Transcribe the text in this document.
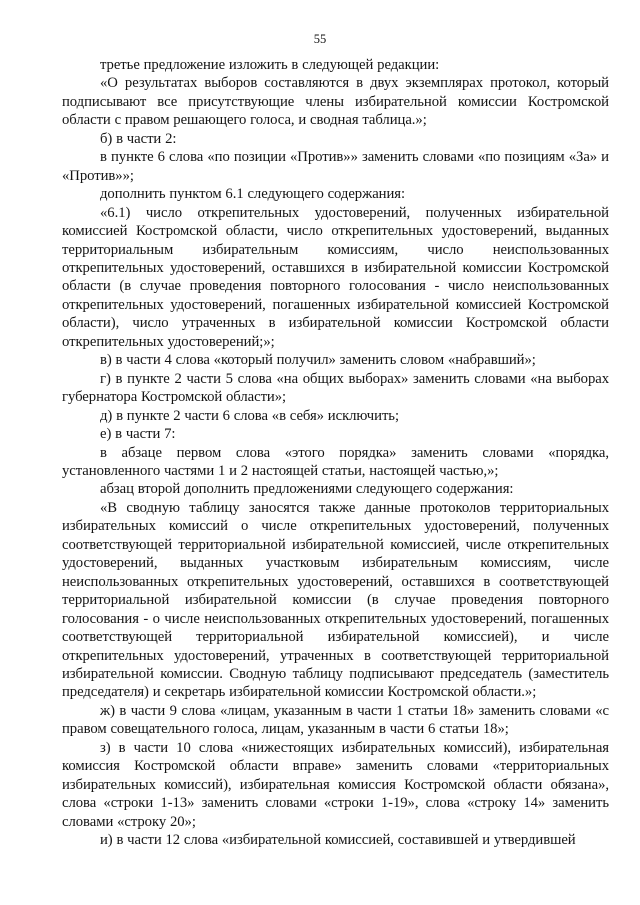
55

третье предложение изложить в следующей редакции:

«О результатах выборов составляются в двух экземплярах протокол, который подписывают все присутствующие члены избирательной комиссии Костромской области с правом решающего голоса, и сводная таблица.»;

б) в части 2:

в пункте 6 слова «по позиции «Против»» заменить словами «по позициям «За» и «Против»»;

дополнить пунктом 6.1 следующего содержания:

«6.1) число открепительных удостоверений, полученных избирательной комиссией Костромской области, число открепительных удостоверений, выданных территориальным избирательным комиссиям, число неиспользованных открепительных удостоверений, оставшихся в избирательной комиссии Костромской области (в случае проведения повторного голосования - число неиспользованных открепительных удостоверений, погашенных избирательной комиссией Костромской области), число утраченных в избирательной комиссии Костромской области открепительных удостоверений;»;

в) в части 4 слова «который получил» заменить словом «набравший»;

г) в пункте 2 части 5 слова «на общих выборах» заменить словами «на выборах губернатора Костромской области»;

д) в пункте 2 части 6 слова «в себя» исключить;

е) в части 7:

в абзаце первом слова «этого порядка» заменить словами «порядка, установленного частями 1 и 2 настоящей статьи, настоящей частью,»;

абзац второй дополнить предложениями следующего содержания:

«В сводную таблицу заносятся также данные протоколов территориальных избирательных комиссий о числе открепительных удостоверений, полученных соответствующей территориальной избирательной комиссией, числе открепительных удостоверений, выданных участковым избирательным комиссиям, числе неиспользованных открепительных удостоверений, оставшихся в соответствующей территориальной избирательной комиссии (в случае проведения повторного голосования - о числе неиспользованных открепительных удостоверений, погашенных соответствующей территориальной избирательной комиссией), и числе открепительных удостоверений, утраченных в соответствующей территориальной избирательной комиссии. Сводную таблицу подписывают председатель (заместитель председателя) и секретарь избирательной комиссии Костромской области.»;

ж) в части 9 слова «лицам, указанным в части 1 статьи 18» заменить словами «с правом совещательного голоса, лицам, указанным в части 6 статьи 18»;

з) в части 10 слова «нижестоящих избирательных комиссий), избирательная комиссия Костромской области вправе» заменить словами «территориальных избирательных комиссий), избирательная комиссия Костромской области обязана», слова «строки 1-13» заменить словами «строки 1-19», слова «строку 14» заменить словами «строку 20»;

и) в части 12 слова «избирательной комиссией, составившей и утвердившей
